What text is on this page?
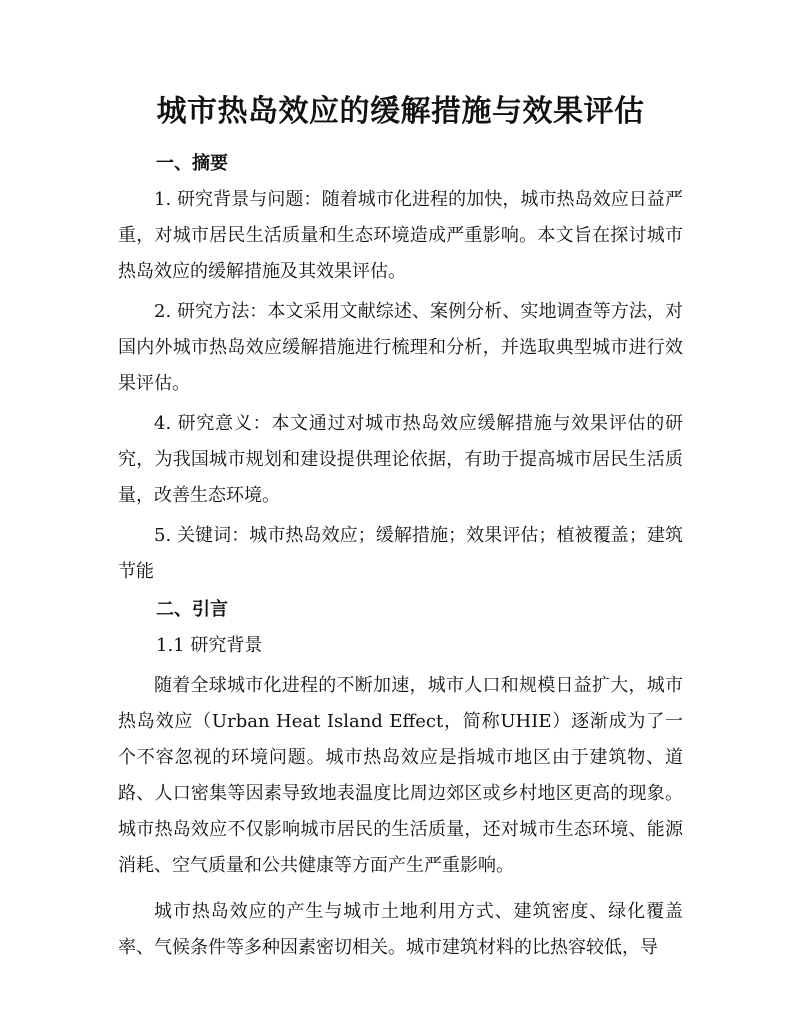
城市热岛效应的缓解措施与效果评估
一、摘要

1. 研究背景与问题：随着城市化进程的加快，城市热岛效应日益严重，对城市居民生活质量和生态环境造成严重影响。本文旨在探讨城市热岛效应的缓解措施及其效果评估。

2. 研究方法：本文采用文献综述、案例分析、实地调查等方法，对国内外城市热岛效应缓解措施进行梳理和分析，并选取典型城市进行效果评估。

4. 研究意义：本文通过对城市热岛效应缓解措施与效果评估的研究，为我国城市规划和建设提供理论依据，有助于提高城市居民生活质量，改善生态环境。

5. 关键词：城市热岛效应；缓解措施；效果评估；植被覆盖；建筑节能

二、引言
1.1 研究背景

随着全球城市化进程的不断加速，城市人口和规模日益扩大，城市热岛效应（Urban Heat Island Effect，简称UHIE）逐渐成为了一个不容忽视的环境问题。城市热岛效应是指城市地区由于建筑物、道路、人口密集等因素导致地表温度比周边郊区或乡村地区更高的现象。城市热岛效应不仅影响城市居民的生活质量，还对城市生态环境、能源消耗、空气质量和公共健康等方面产生严重影响。

城市热岛效应的产生与城市土地利用方式、建筑密度、绿化覆盖率、气候条件等多种因素密切相关。城市建筑材料的比热容较低，导
